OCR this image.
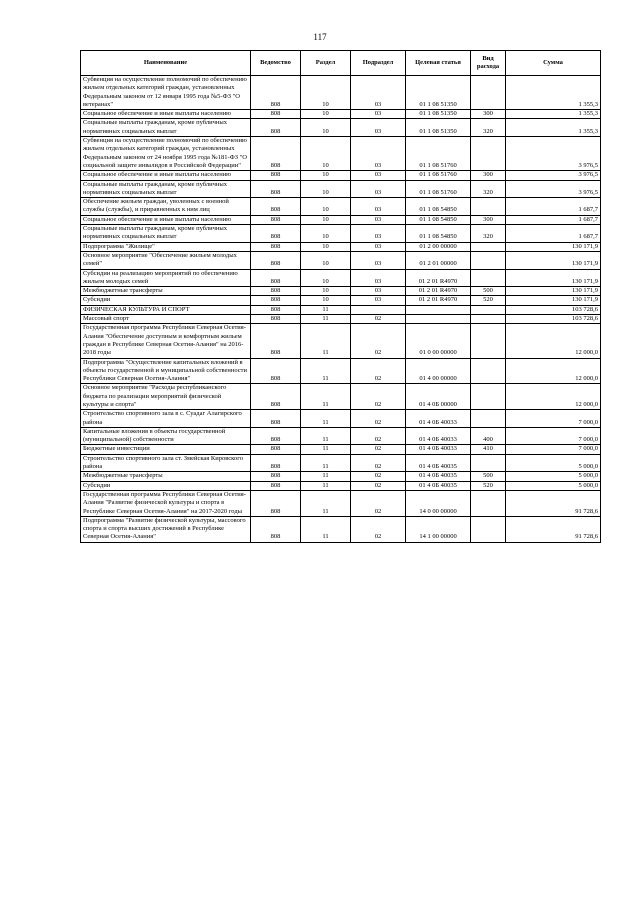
117
Наименование	Ведомство	Раздел	Подраздел	Целевая статья	Вид расхода	Сумма
Субвенция на осуществление полномочий по обеспечению жильем отдельных категорий граждан, установленных Федеральным законом от 12 января 1995 года №5-ФЗ "О ветеранах"	808	10	03	01 1 08 51350		1 355,3
Социальное обеспечение и иные выплаты населению	808	10	03	01 1 08 51350	300	1 355,3
Социальные выплаты гражданам, кроме публичных нормативных социальных выплат	808	10	03	01 1 08 51350	320	1 355,3
Субвенция на осуществление полномочий по обеспечению жильем отдельных категорий граждан, установленных Федеральным законом от 24 ноября 1995 года №181-ФЗ "О социальной защите инвалидов в Российской Федерации"	808	10	03	01 1 08 51760		3 976,5
Социальное обеспечение и иные выплаты населению	808	10	03	01 1 08 51760	300	3 976,5
Социальные выплаты гражданам, кроме публичных нормативных социальных выплат	808	10	03	01 1 08 51760	320	3 976,5
Обеспечение жильем граждан, уволенных с военной службы (службы), и приравненных к ним лиц	808	10	03	01 1 08 54850		1 687,7
Социальное обеспечение и иные выплаты населению	808	10	03	01 1 08 54850	300	1 687,7
Социальные выплаты гражданам, кроме публичных нормативных социальных выплат	808	10	03	01 1 08 54850	320	1 687,7
Подпрограмма "Жилище"	808	10	03	01 2 00 00000		130 171,9
Основное мероприятие "Обеспечение жильем молодых семей"	808	10	03	01 2 01 00000		130 171,9
Субсидии на реализацию мероприятий по обеспечению жильем молодых семей	808	10	03	01 2 01 R4970		130 171,9
Межбюджетные трансферты	808	10	03	01 2 01 R4970	500	130 171,9
Субсидии	808	10	03	01 2 01 R4970	520	130 171,9
ФИЗИЧЕСКАЯ КУЛЬТУРА И СПОРТ	808	11				103 728,6
Массовый спорт	808	11	02			103 728,6
Государственная программа Республики Северная Осетия-Алания "Обеспечение доступным и комфортным жильем граждан в Республике Северная Осетия-Алания" на 2016-2018 годы	808	11	02	01 0 00 00000		12 000,0
Подпрограмма "Осуществление капитальных вложений в объекты государственной и муниципальной собственности Республики Северная Осетия-Алания"	808	11	02	01 4 00 00000		12 000,0
Основное мероприятие "Расходы республиканского бюджета по реализации мероприятий физической культуры и спорта"	808	11	02	01 4 0Б 00000		12 000,0
Строительство спортивного зала в с. Суадаг Алагирского района	808	11	02	01 4 0Б 40033		7 000,0
Капитальные вложения в объекты государственной (муниципальной) собственности	808	11	02	01 4 0Б 40033	400	7 000,0
Бюджетные инвестиции	808	11	02	01 4 0Б 40033	410	7 000,0
Строительство спортивного зала ст. Змейская Кировского района	808	11	02	01 4 0Б 40035		5 000,0
Межбюджетные трансферты	808	11	02	01 4 0Б 40035	500	5 000,0
Субсидии	808	11	02	01 4 0Б 40035	520	5 000,0
Государственная программа Республики Северная Осетия-Алания "Развитие физической культуры и спорта в Республике Северная Осетия-Алания" на 2017-2020 годы	808	11	02	14 0 00 00000		91 728,6
Подпрограмма "Развитие физической культуры, массового спорта и спорта высших достижений в Республике Северная Осетия-Алания"	808	11	02	14 1 00 00000		91 728,6
